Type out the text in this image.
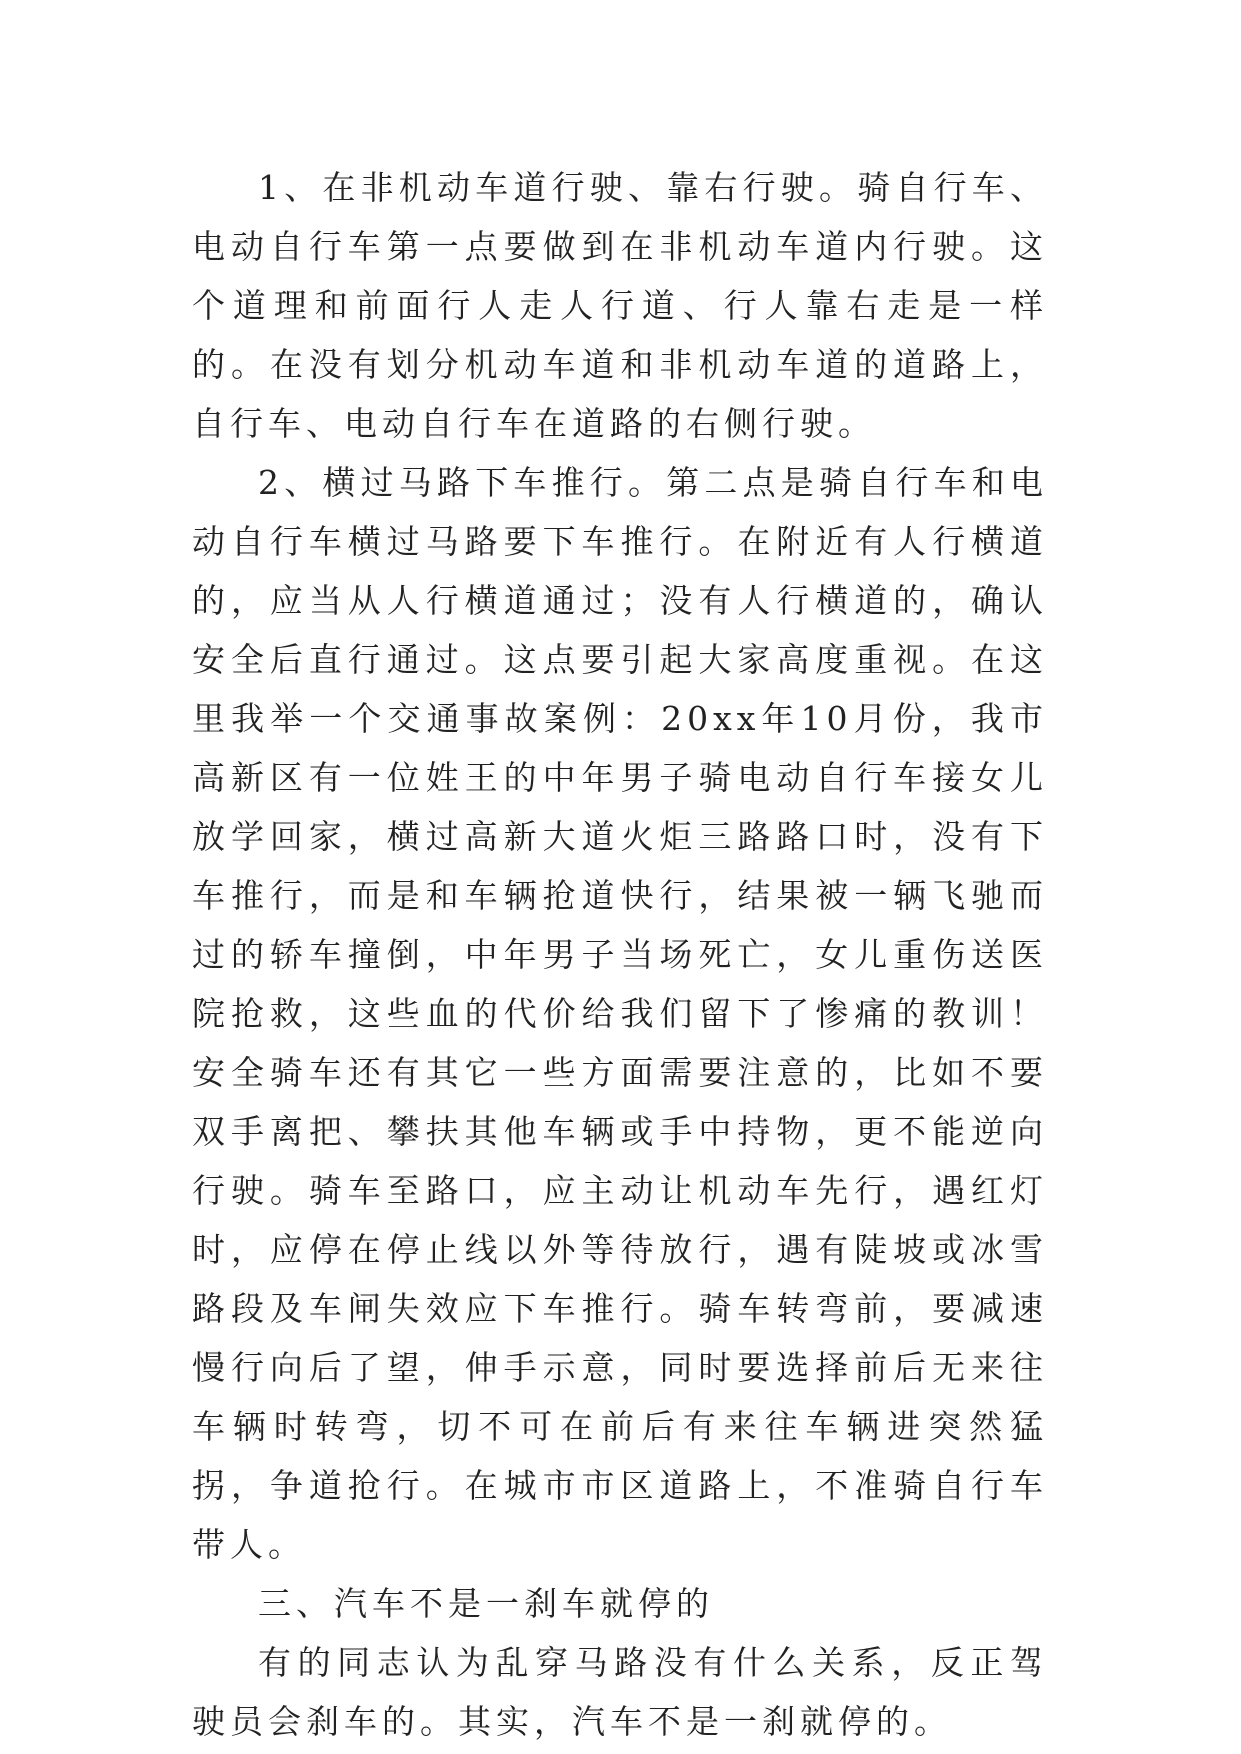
1、在非机动车道行驶、靠右行驶。骑自行车、电动自行车第一点要做到在非机动车道内行驶。这个道理和前面行人走人行道、行人靠右走是一样的。在没有划分机动车道和非机动车道的道路上，自行车、电动自行车在道路的右侧行驶。

2、横过马路下车推行。第二点是骑自行车和电动自行车横过马路要下车推行。在附近有人行横道的，应当从人行横道通过；没有人行横道的，确认安全后直行通过。这点要引起大家高度重视。在这里我举一个交通事故案例：20xx年10月份，我市高新区有一位姓王的中年男子骑电动自行车接女儿放学回家，横过高新大道火炬三路路口时，没有下车推行，而是和车辆抢道快行，结果被一辆飞驰而过的轿车撞倒，中年男子当场死亡，女儿重伤送医院抢救，这些血的代价给我们留下了惨痛的教训！安全骑车还有其它一些方面需要注意的，比如不要双手离把、攀扶其他车辆或手中持物，更不能逆向行驶。骑车至路口，应主动让机动车先行，遇红灯时，应停在停止线以外等待放行，遇有陡坡或冰雪路段及车闸失效应下车推行。骑车转弯前，要减速慢行向后了望，伸手示意，同时要选择前后无来往车辆时转弯，切不可在前后有来往车辆进突然猛拐，争道抢行。在城市市区道路上，不准骑自行车带人。

三、汽车不是一刹车就停的

有的同志认为乱穿马路没有什么关系，反正驾驶员会刹车的。其实，汽车不是一刹就停的。
